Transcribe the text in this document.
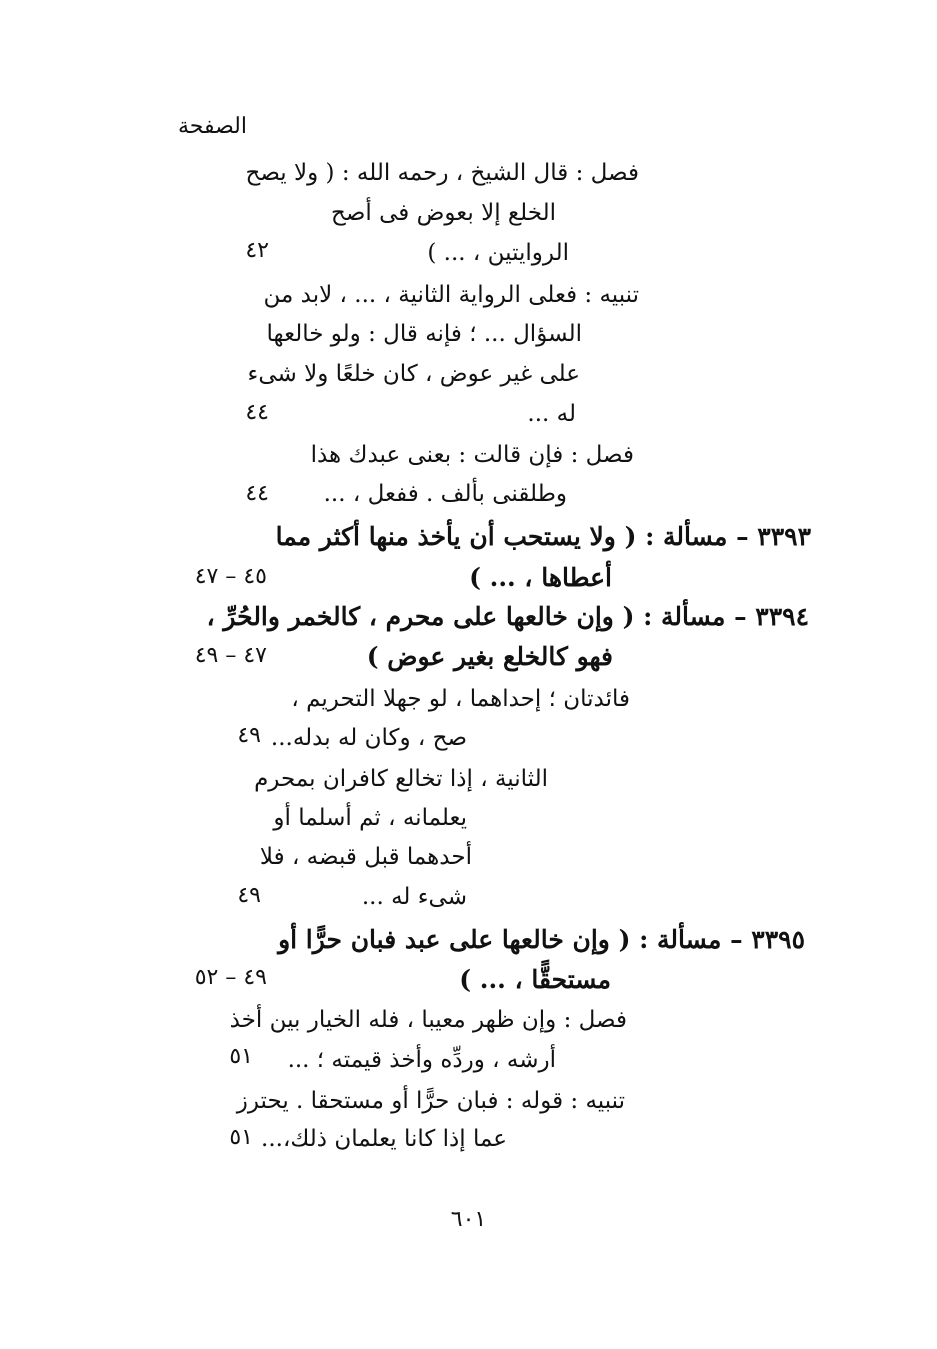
الصفحة
فصل : قال الشيخ ، رحمه الله : ( ولا يصح
الخلع إلا بعوض فى أصح
الروايتين ، ... )
٤٢
تنبيه : فعلى الرواية الثانية ، ... ، لابد من
السؤال ... ؛ فإنه قال : ولو خالعها
على غير عوض ، كان خلعًا ولا شىء
له ...
٤٤
فصل : فإن قالت : بعنى عبدك هذا
وطلقنى بألف . ففعل ، ...
٤٤
٣٣٩٣ – مسألة : ( ولا يستحب أن يأخذ منها أكثر مما
أعطاها ، ... )
٤٥ – ٤٧
٣٣٩٤ – مسألة : ( وإن خالعها على محرم ، كالخمر والحُرِّ ،
فهو كالخلع بغير عوض )
٤٧ – ٤٩
فائدتان ؛ إحداهما ، لو جهلا التحريم ،
صح ، وكان له بدله...
٤٩
الثانية ، إذا تخالع كافران بمحرم
يعلمانه ، ثم أسلما أو
أحدهما قبل قبضه ، فلا
شىء له ...
٤٩
٣٣٩٥ – مسألة : ( وإن خالعها على عبد فبان حرًّا أو
مستحقًّا ، ... )
٤٩ – ٥٢
فصل : وإن ظهر معيبا ، فله الخيار بين أخذ
أرشه ، وردِّه وأخذ قيمته ؛ ...
٥١
تنبيه : قوله : فبان حرًّا أو مستحقا . يحترز
عما إذا كانا يعلمان ذلك،...
٥١
٦٠١
